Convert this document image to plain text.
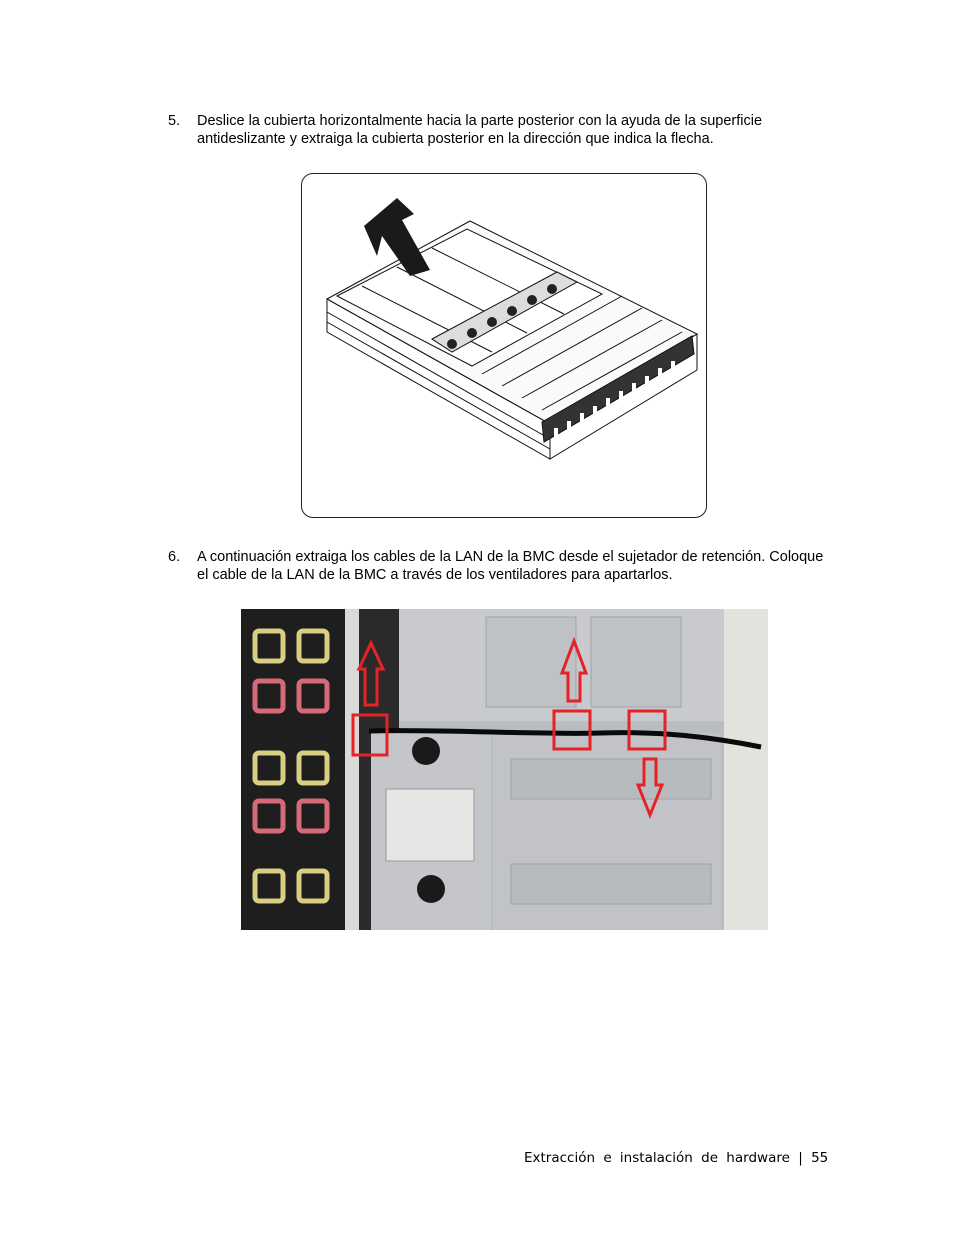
5. Deslice la cubierta horizontalmente hacia la parte posterior con la ayuda de la superficie antideslizante y extraiga la cubierta posterior en la dirección que indica la flecha.
6. A continuación extraiga los cables de la LAN de la BMC desde el sujetador de retención. Coloque el cable de la LAN de la BMC a través de los ventiladores para apartarlos.
Extracción e instalación de hardware | 55
